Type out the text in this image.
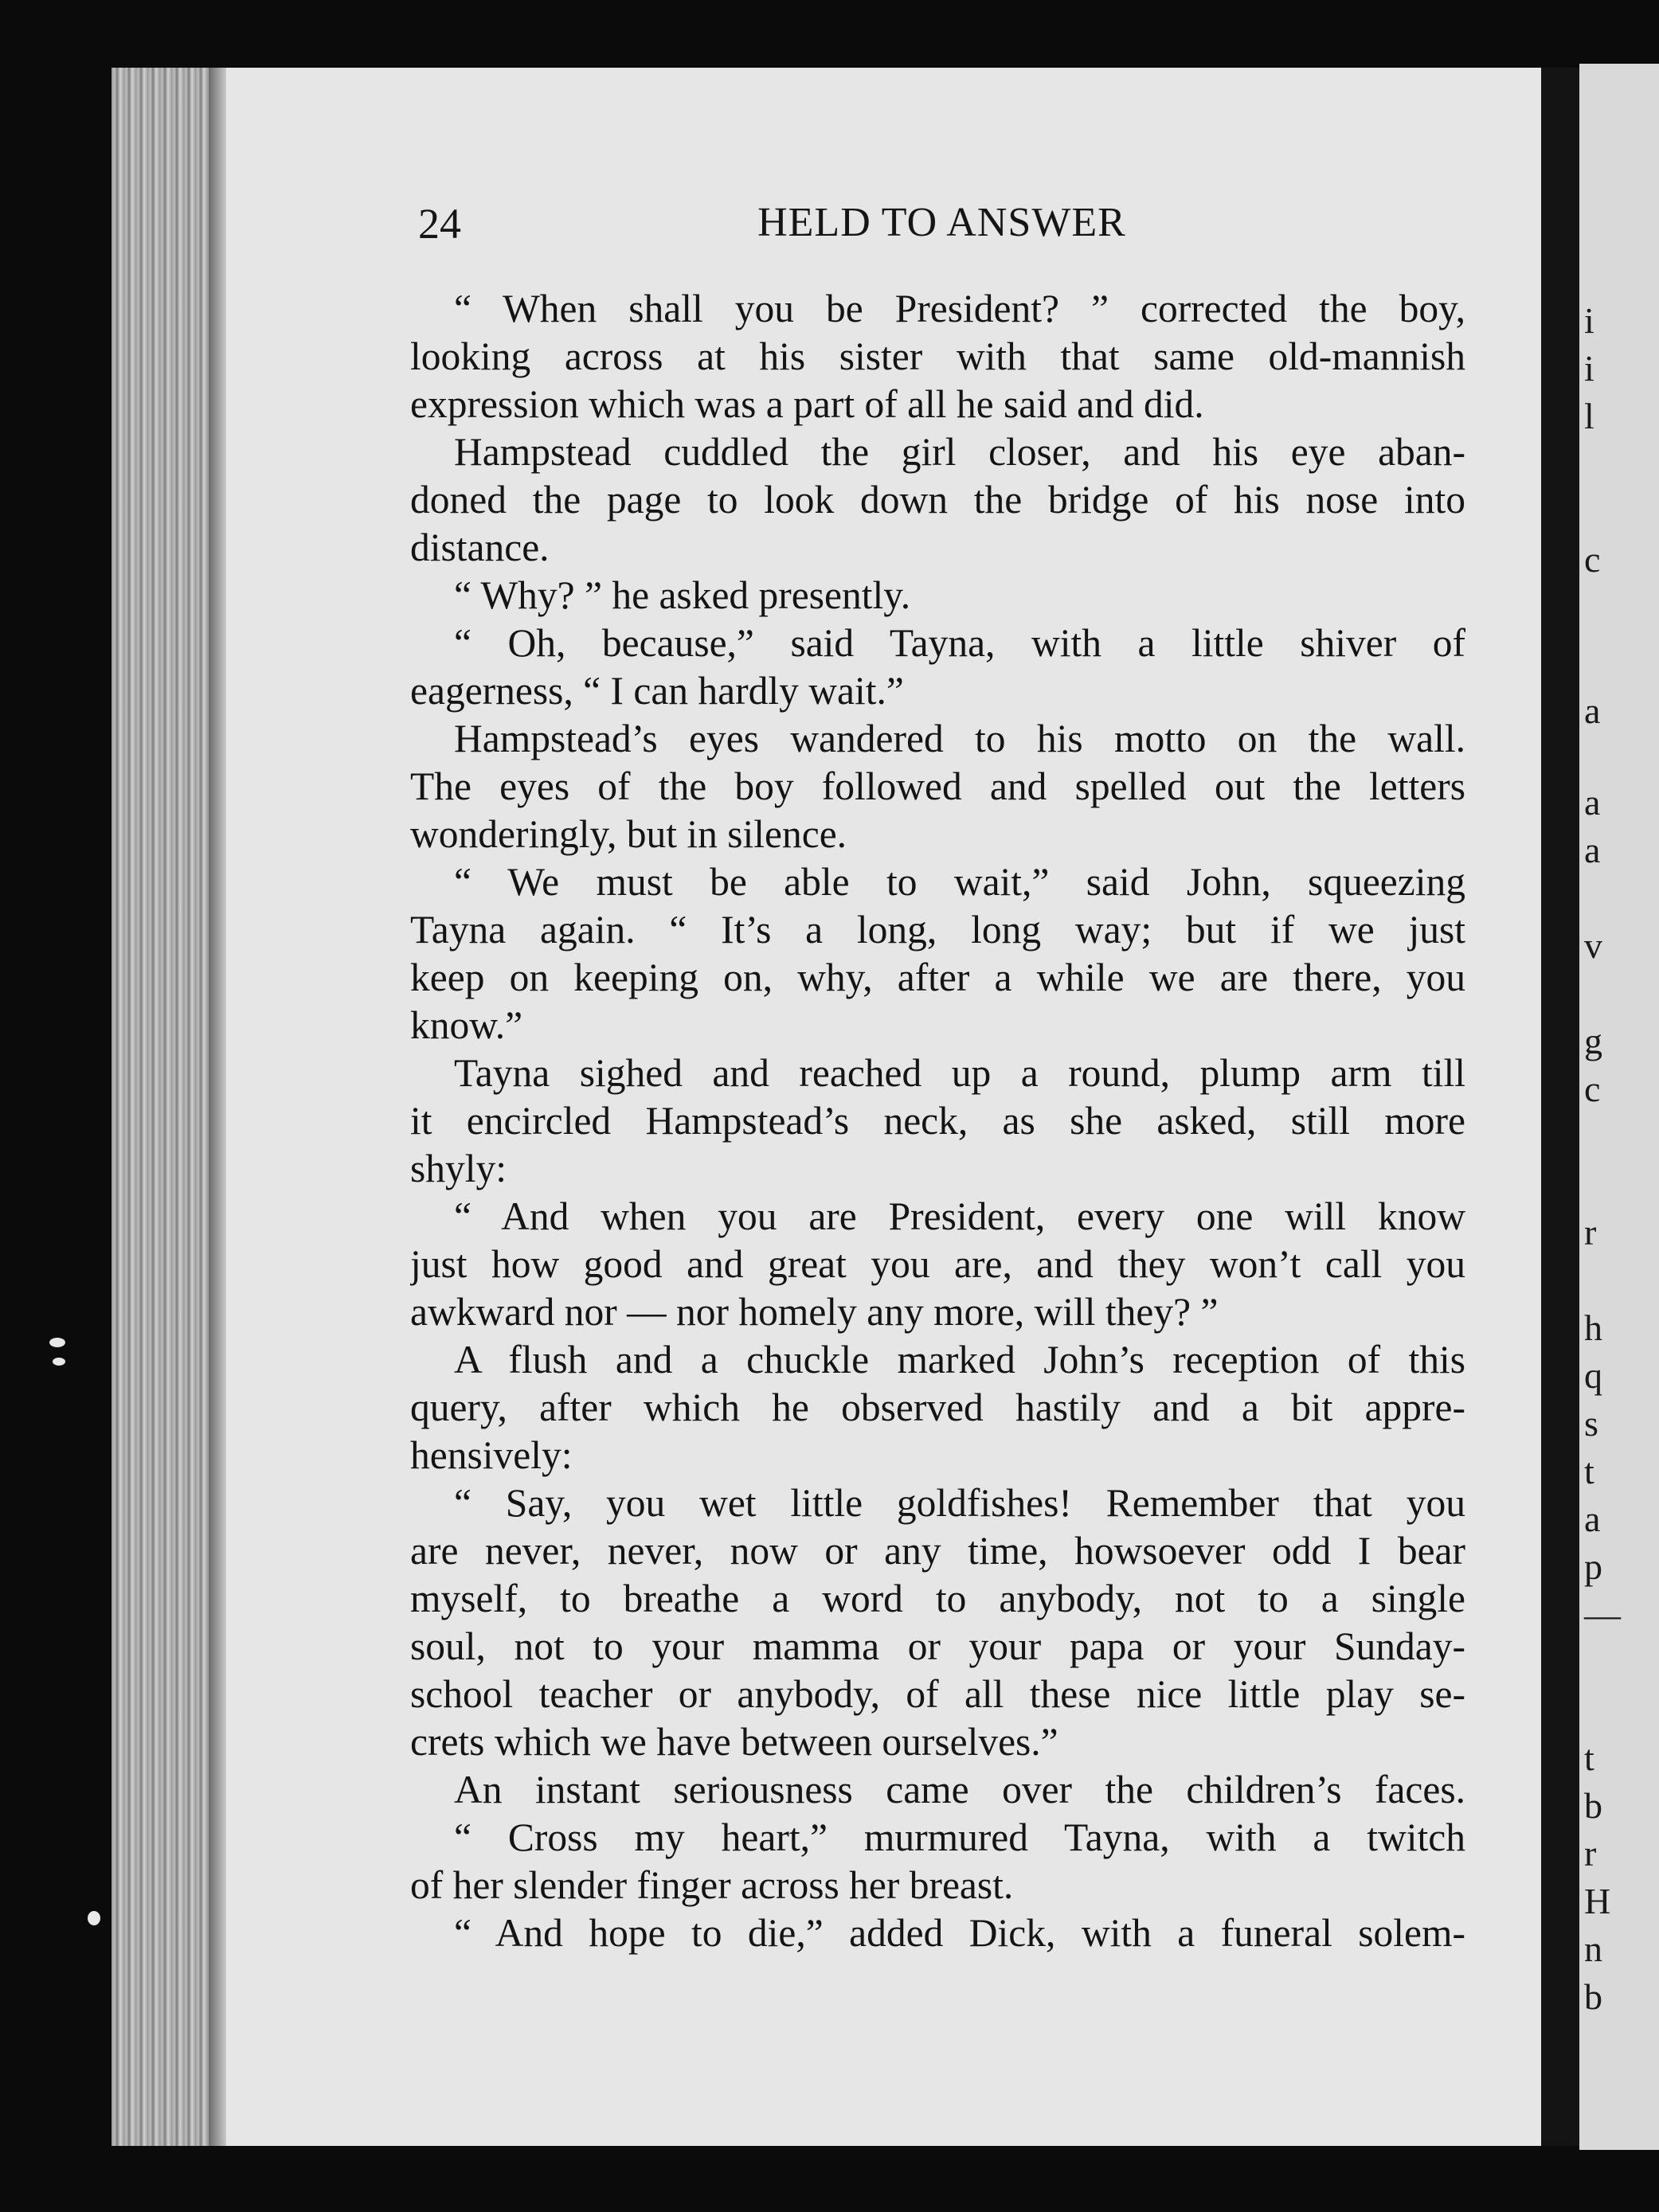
i
i
l
c
a
a
a
v
g
c
r
h
q
s
t
a
p
—
t
b
r
H
n
b
24	HELD TO ANSWER
“ When shall you be President? ” corrected the boy,
looking across at his sister with that same old-mannish
expression which was a part of all he said and did.
Hampstead cuddled the girl closer, and his eye aban-
doned the page to look down the bridge of his nose into
distance.
“ Why? ” he asked presently.
“ Oh, because,” said Tayna, with a little shiver of
eagerness, “ I can hardly wait.”
Hampstead’s eyes wandered to his motto on the wall.
The eyes of the boy followed and spelled out the letters
wonderingly, but in silence.
“ We must be able to wait,” said John, squeezing
Tayna again. “ It’s a long, long way; but if we just
keep on keeping on, why, after a while we are there, you
know.”
Tayna sighed and reached up a round, plump arm till
it encircled Hampstead’s neck, as she asked, still more
shyly:
“ And when you are President, every one will know
just how good and great you are, and they won’t call you
awkward nor — nor homely any more, will they? ”
A flush and a chuckle marked John’s reception of this
query, after which he observed hastily and a bit appre-
hensively:
“ Say, you wet little goldfishes! Remember that you
are never, never, now or any time, howsoever odd I bear
myself, to breathe a word to anybody, not to a single
soul, not to your mamma or your papa or your Sunday-
school teacher or anybody, of all these nice little play se-
crets which we have between ourselves.”
An instant seriousness came over the children’s faces.
“ Cross my heart,” murmured Tayna, with a twitch
of her slender finger across her breast.
“ And hope to die,” added Dick, with a funeral solem-
